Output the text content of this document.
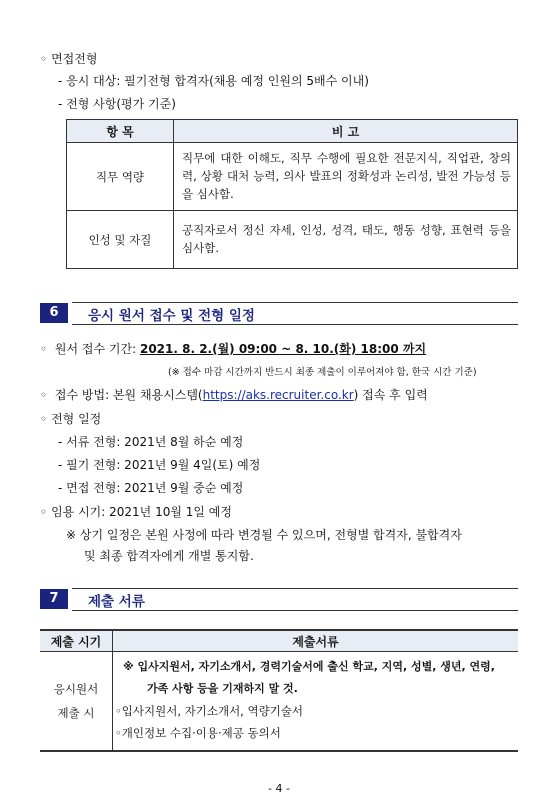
◦ 면접전형
- 응시 대상: 필기전형 합격자(채용 예정 인원의 5배수 이내)
- 전형 사항(평가 기준)
항 목	비 고
직무 역량	직무에 대한 이해도, 직무 수행에 필요한 전문지식, 직업관, 창의력, 상황 대처 능력, 의사 발표의 정확성과 논리성, 발전 가능성 등을 심사함.
인성 및 자질	공직자로서 정신 자세, 인성, 성격, 태도, 행동 성향, 표현력 등을 심사함.
6	응시 원서 접수 및 전형 일정
◦ 원서 접수 기간: 2021. 8. 2.(월) 09:00 ~ 8. 10.(화) 18:00 까지
(※ 접수 마감 시간까지 반드시 최종 제출이 이루어져야 함, 한국 시간 기준)
◦ 접수 방법: 본원 채용시스템(https://aks.recruiter.co.kr) 접속 후 입력
◦ 전형 일정
- 서류 전형: 2021년 8월 하순 예정
- 필기 전형: 2021년 9월 4일(토) 예정
- 면접 전형: 2021년 9월 중순 예정
◦ 임용 시기: 2021년 10월 1일 예정
※ 상기 일정은 본원 사정에 따라 변경될 수 있으며, 전형별 합격자, 불합격자
및 최종 합격자에게 개별 통지함.
7	제출 서류
제출 시기	제출서류

응시원서 제출 시	※ 입사지원서, 자기소개서, 경력기술서에 출신 학교, 지역, 성별, 생년, 연령,
가족 사항 등을 기재하지 말 것.
◦입사지원서, 자기소개서, 역량기술서
◦개인정보 수집·이용·제공 동의서
- 4 -
